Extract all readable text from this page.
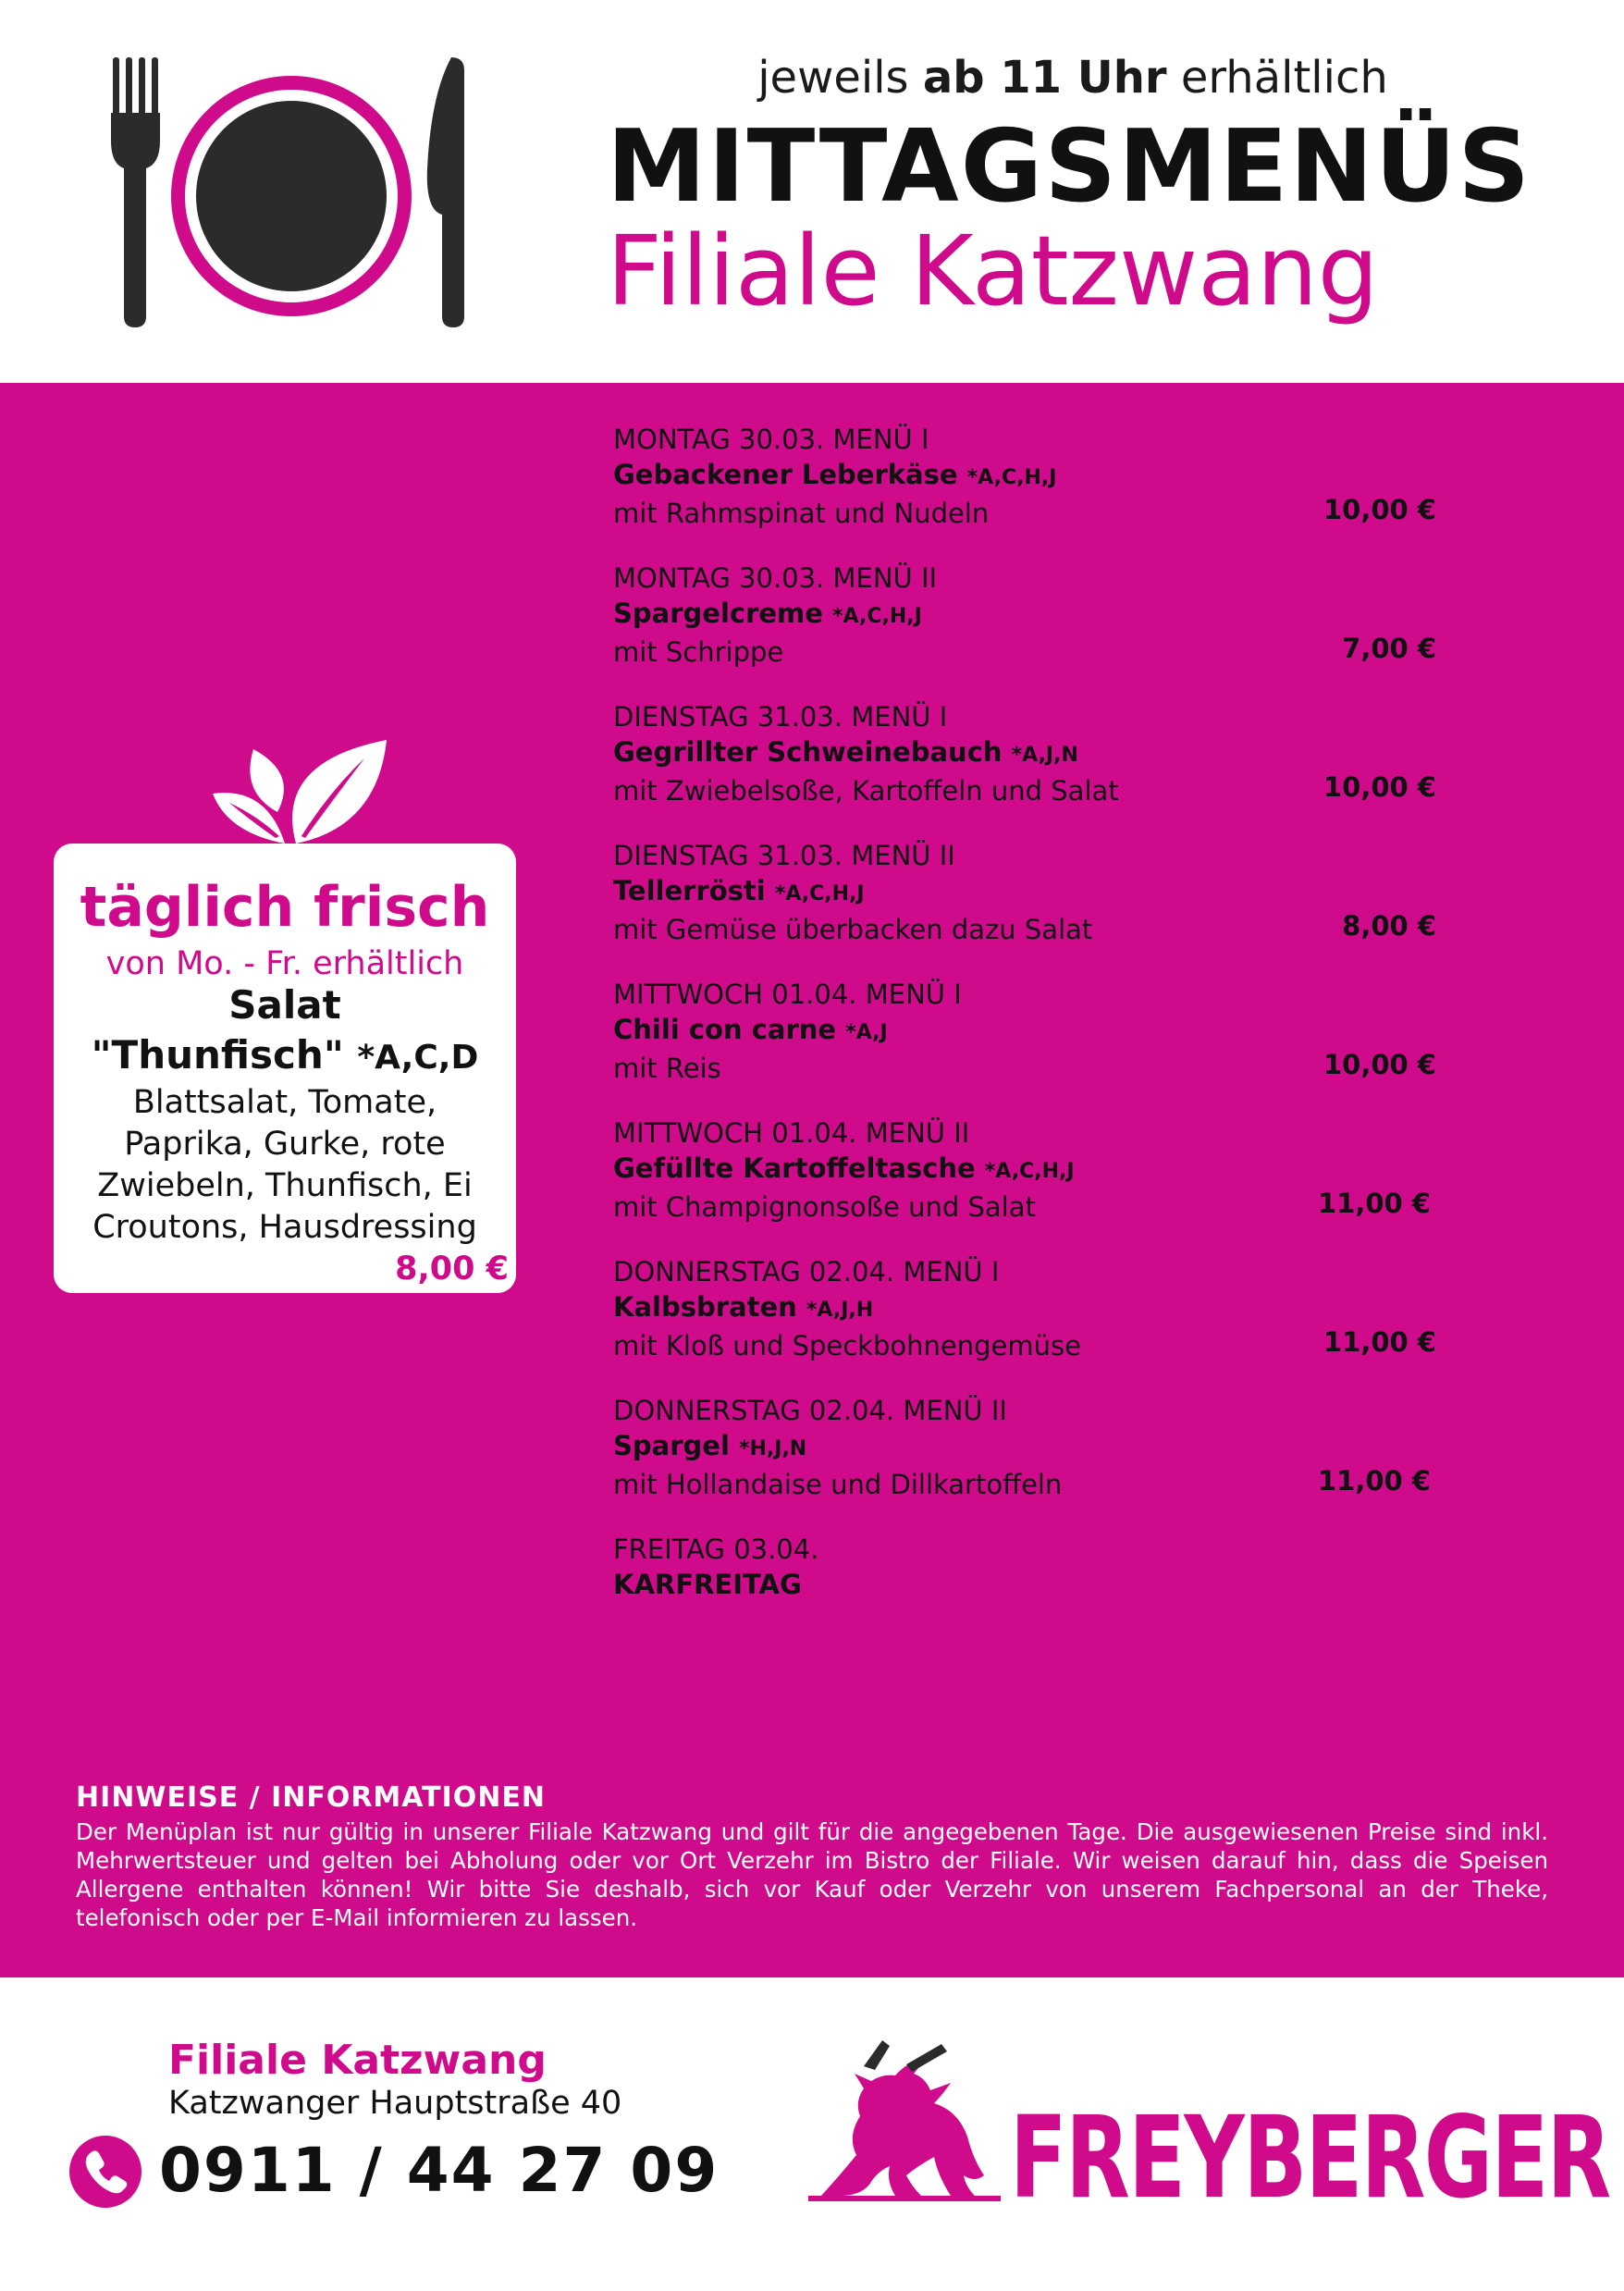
jeweils ab 11 Uhr erhältlich
MITTAGSMENÜS
Filiale Katzwang
MONTAG 30.03. MENÜ I
Gebackener Leberkäse *A,C,H,J
mit Rahmspinat und Nudeln	10,00 €
MONTAG 30.03. MENÜ II
Spargelcreme *A,C,H,J
mit Schrippe	7,00 €
DIENSTAG 31.03. MENÜ I
Gegrillter Schweinebauch *A,J,N
mit Zwiebelsoße, Kartoffeln und Salat	10,00 €
DIENSTAG 31.03. MENÜ II
Tellerrösti *A,C,H,J
mit Gemüse überbacken dazu Salat	8,00 €
MITTWOCH 01.04. MENÜ I
Chili con carne *A,J
mit Reis	10,00 €
MITTWOCH 01.04. MENÜ II
Gefüllte Kartoffeltasche *A,C,H,J
mit Champignonsoße und Salat	11,00 €
DONNERSTAG 02.04. MENÜ I
Kalbsbraten *A,J,H
mit Kloß und Speckbohnengemüse	11,00 €
DONNERSTAG 02.04. MENÜ II
Spargel *H,J,N
mit Hollandaise und Dillkartoffeln	11,00 €
FREITAG 03.04.
KARFREITAG
täglich frisch
von Mo. - Fr. erhältlich
Salat
"Thunfisch" *A,C,D
Blattsalat, Tomate, Paprika, Gurke, rote Zwiebeln, Thunfisch, Ei Croutons, Hausdressing
8,00 €
HINWEISE / INFORMATIONEN
Der Menüplan ist nur gültig in unserer Filiale Katzwang und gilt für die angegebenen Tage. Die ausgewiesenen Preise sind inkl. Mehrwertsteuer und gelten bei Abholung oder vor Ort Verzehr im Bistro der Filiale. Wir weisen darauf hin, dass die Speisen Allergene enthalten können! Wir bitte Sie deshalb, sich vor Kauf oder Verzehr von unserem Fachpersonal an der Theke, telefonisch oder per E-Mail informieren zu lassen.
Filiale Katzwang
Katzwanger Hauptstraße 40
0911 / 44 27 09	FREYBERGER
